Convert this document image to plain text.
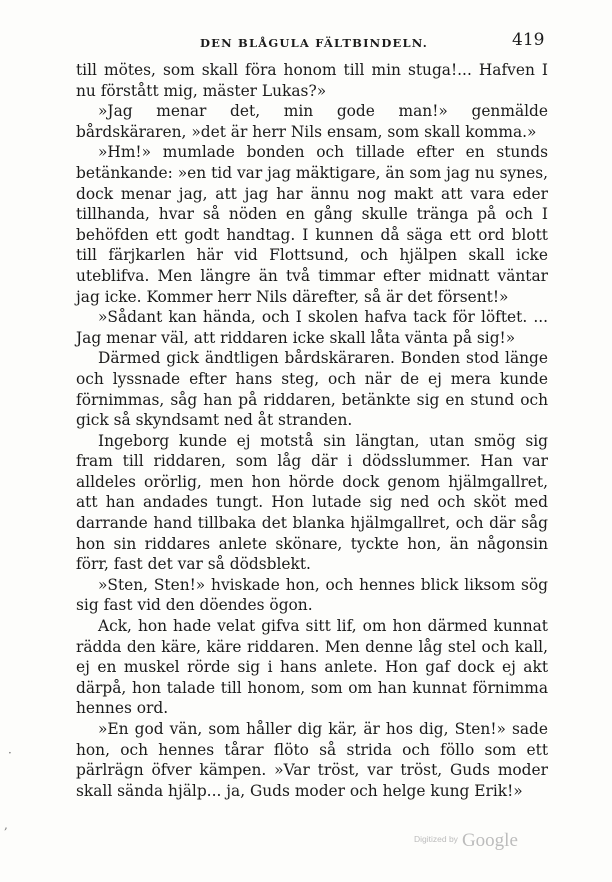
DEN BLÅGULA FÄLTBINDELN.	419

till mötes, som skall föra honom till min stuga!... Hafven I nu förstått mig, mäster Lukas?»

»Jag menar det, min gode man!» genmälde bårdskäraren, »det är herr Nils ensam, som skall komma.»

»Hm!» mumlade bonden och tillade efter en stunds betänkande: »en tid var jag mäktigare, än som jag nu synes, dock menar jag, att jag har ännu nog makt att vara eder tillhanda, hvar så nöden en gång skulle tränga på och I behöfden ett godt handtag. I kunnen då säga ett ord blott till färjkarlen här vid Flottsund, och hjälpen skall icke uteblifva. Men längre än två timmar efter midnatt väntar jag icke. Kommer herr Nils därefter, så är det försent!»

»Sådant kan hända, och I skolen hafva tack för löftet. ... Jag menar väl, att riddaren icke skall låta vänta på sig!»

Därmed gick ändtligen bårdskäraren. Bonden stod länge och lyssnade efter hans steg, och när de ej mera kunde förnimmas, såg han på riddaren, betänkte sig en stund och gick så skyndsamt ned åt stranden.

Ingeborg kunde ej motstå sin längtan, utan smög sig fram till riddaren, som låg där i dödsslummer. Han var alldeles orörlig, men hon hörde dock genom hjälmgallret, att han andades tungt. Hon lutade sig ned och sköt med darrande hand tillbaka det blanka hjälmgallret, och där såg hon sin riddares anlete skönare, tyckte hon, än någonsin förr, fast det var så dödsblekt.

»Sten, Sten!» hviskade hon, och hennes blick liksom sög sig fast vid den döendes ögon.

Ack, hon hade velat gifva sitt lif, om hon därmed kunnat rädda den käre, käre riddaren. Men denne låg stel och kall, ej en muskel rörde sig i hans anlete. Hon gaf dock ej akt därpå, hon talade till honom, som om han kunnat förnimma hennes ord.

»En god vän, som håller dig kär, är hos dig, Sten!» sade hon, och hennes tårar flöto så strida och föllo som ett pärlrägn öfver kämpen. »Var tröst, var tröst, Guds moder skall sända hjälp... ja, Guds moder och helge kung Erik!»

·
,
$^{Digitized by}$ Google
